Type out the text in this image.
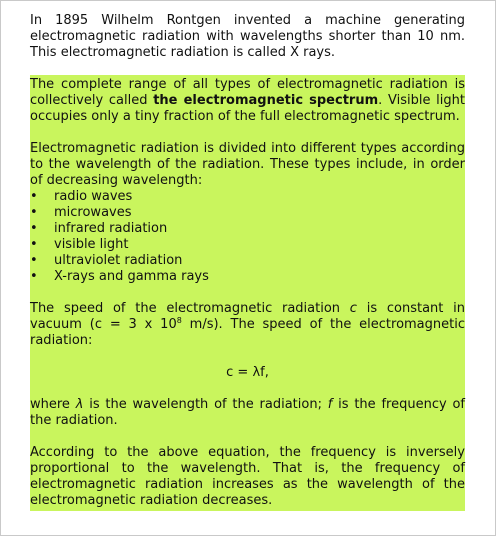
In 1895 Wilhelm Rontgen invented a machine generating electromagnetic radiation with wavelengths shorter than 10 nm. This electromagnetic radiation is called X rays.

The complete range of all types of electromagnetic radiation is collectively called the electromagnetic spectrum. Visible light occupies only a tiny fraction of the full electromagnetic spectrum.

Electromagnetic radiation is divided into different types according to the wavelength of the radiation. These types include, in order of decreasing wavelength:

• radio waves
• microwaves
• infrared radiation
• visible light
• ultraviolet radiation
• X-rays and gamma rays

The speed of the electromagnetic radiation c is constant in vacuum (c = 3 x $10^8$ m/s). The speed of the electromagnetic radiation:

c = λf,

where λ is the wavelength of the radiation; f is the frequency of the radiation.

According to the above equation, the frequency is inversely proportional to the wavelength. That is, the frequency of electromagnetic radiation increases as the wavelength of the electromagnetic radiation decreases.
